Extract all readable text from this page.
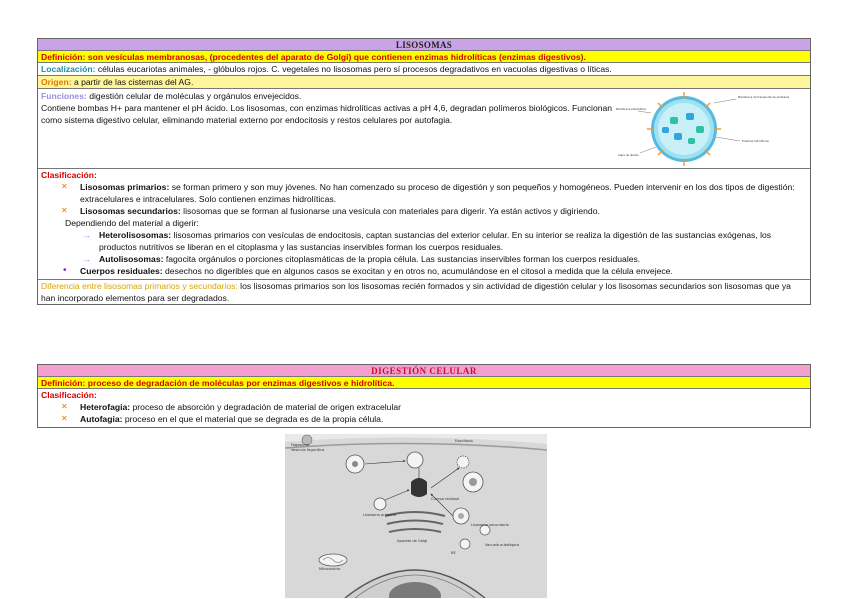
LISOSOMAS
Definición: son vesículas membranosas, (procedentes del aparato de Golgi) que contienen enzimas hidrolíticas (enzimas digestivos).
Localización: células eucariotas animales, - glóbulos rojos. C. vegetales no lisosomas pero sí procesos degradativos en vacuolas digestivas o líticas.
Origen: a partir de las cisternas del AG.
Funciones: digestión celular de moléculas y orgánulos envejecidos.
Contiene bombas H+ para mantener el pH ácido. Los lisosomas, con enzimas hidrolíticas activas a pH 4,6, degradan polímeros biológicos. Funcionan como sistema digestivo celular, eliminando material externo por endocitosis y restos celulares por autofagia.
Membrana plasmática
Membrana de transporte de proteínas
Enzimas hidrolíticas
Capa de lípidos
Clasificación:
✕ Lisosomas primarios: se forman primero y son muy jóvenes. No han comenzado su proceso de digestión y son pequeños y homogéneos. Pueden intervenir en los dos tipos de digestión: extracelulares e intracelulares. Solo contienen enzimas hidrolíticas.
✕ Lisosomas secundarios: lisosomas que se forman al fusionarse una vesícula con materiales para digerir. Ya están activos y digiriendo.
Dependiendo del material a digerir:
→ Heterolisosomas: lisosomas primarios con vesículas de endocitosis, captan sustancias del exterior celular. En su interior se realiza la digestión de las sustancias exógenas, los productos nutritivos se liberan en el citoplasma y las sustancias inservibles forman los cuerpos residuales.
→ Autolisosomas: fagocita orgánulos o porciones citoplasmáticas de la propia célula. Las sustancias inservibles forman los cuerpos residuales.
• Cuerpos residuales: desechos no digeribles que en algunos casos se exocitan y en otros no, acumulándose en el citosol a medida que la célula envejece.
Diferencia entre lisosomas primarios y secundarios: los lisosomas primarios son los lisosomas recién formados y sin actividad de digestión celular y los lisosomas secundarios son lisosomas que ya han incorporado elementos para ser degradados.
DIGESTIÓN CELULAR
Definición: proceso de degradación de moléculas por enzimas digestivos e hidrolítica.
Clasificación:
✕ Heterofagia: proceso de absorción y degradación de material de origen extracelular
✕ Autofagia: proceso en el que el material que se degrada es de la propia célula.
Fagosoma
Vesícula fagocítica
Exocitosis
Lisosoma primario
Lisosoma secundario
Cuerpo residual
Aparato de Golgi
RE
Mitocondria
Vacuola autofágica
